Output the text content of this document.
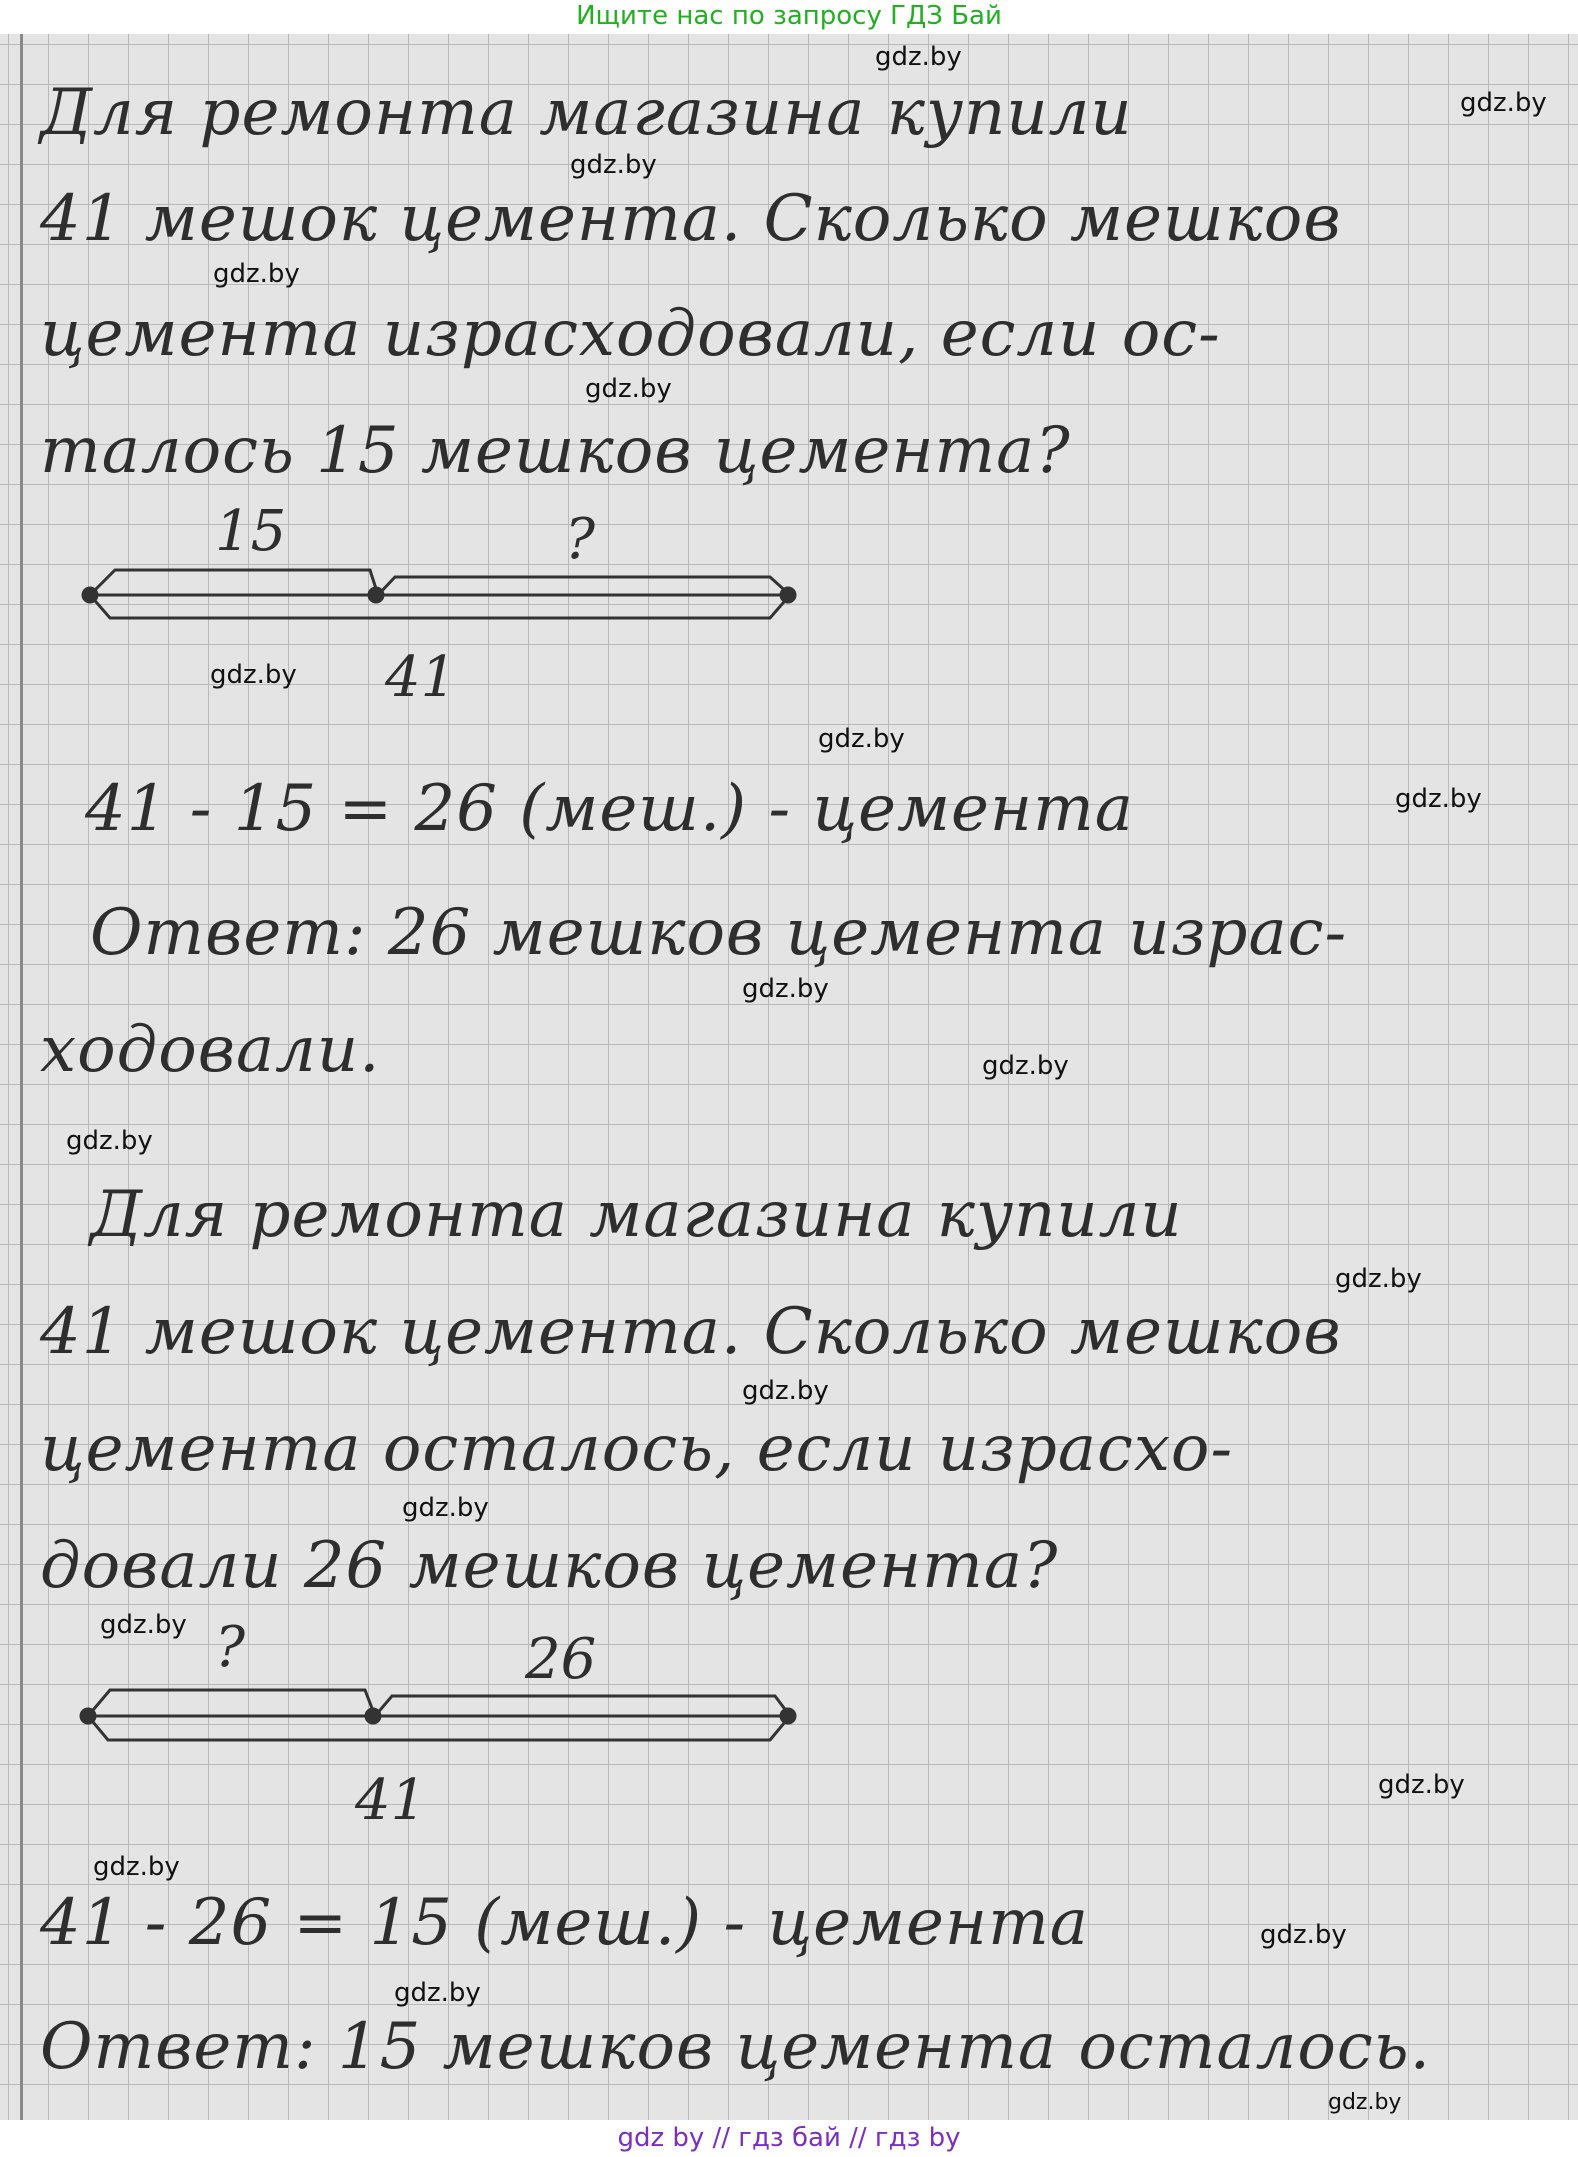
Ищите нас по запросу ГДЗ Бай
Для ремонта магазина купили
41 мешок цемента. Сколько мешков
цемента израсходовали, если ос-
талось 15 мешков цемента?
15	?
41
41 - 15 = 26 (меш.) - цемента
Ответ: 26 мешков цемента израс-
ходовали.
Для ремонта магазина купили
41 мешок цемента. Сколько мешков
цемента осталось, если израсхо-
довали 26 мешков цемента?
?	26
41
41 - 26 = 15 (меш.) - цемента
Ответ: 15 мешков цемента осталось.
gdz.by
gdz.by
gdz.by
gdz.by
gdz.by
gdz.by
gdz.by
gdz.by
gdz.by
gdz.by
gdz.by
gdz.by
gdz.by
gdz.by
gdz.by
gdz.by
gdz.by
gdz.by
gdz.by
gdz.by
gdz by // гдз бай // гдз by
